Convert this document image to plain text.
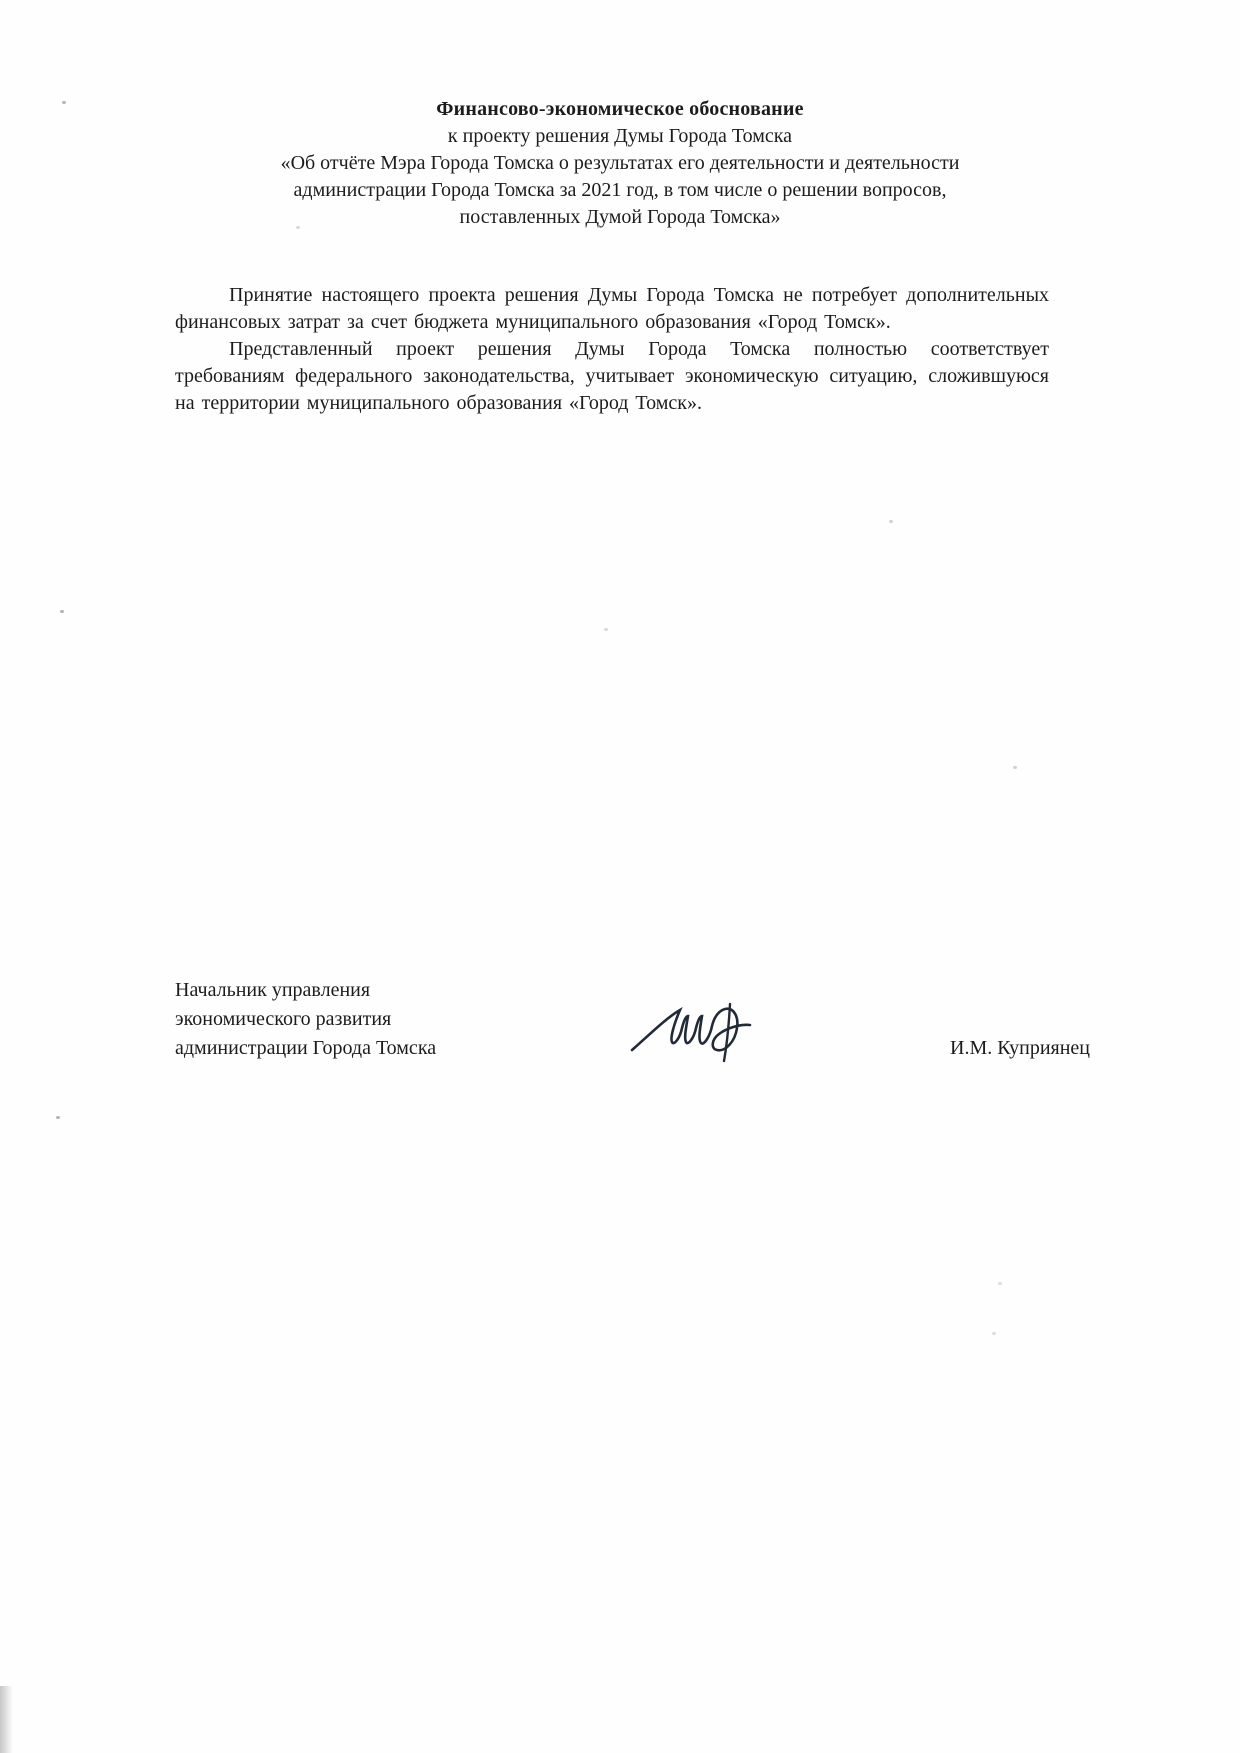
Финансово-экономическое обоснование
к проекту решения Думы Города Томска
«Об отчёте Мэра Города Томска о результатах его деятельности и деятельности
администрации Города Томска за 2021 год, в том числе о решении вопросов,
поставленных Думой Города Томска»

Принятие настоящего проекта решения Думы Города Томска не потребует дополнительных финансовых затрат за счет бюджета муниципального образования «Город Томск».

Представленный проект решения Думы Города Томска полностью соответствует требованиям федерального законодательства, учитывает экономическую ситуацию, сложившуюся на территории муниципального образования «Город Томск».

Начальник управления
экономического развития
администрации Города Томска	И.М. Куприянец
